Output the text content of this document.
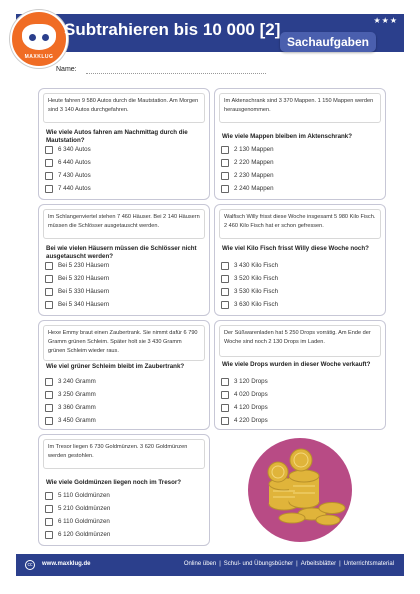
MAXKLUG
Subtrahieren bis 10 000 [2]	★★★
Sachaufgaben
Name:
Heute fahren 9 580 Autos durch die Mautstation. Am Morgen sind 3 140 Autos durchgefahren.
Wie viele Autos fahren am Nachmittag durch die Mautstation?
6 340 Autos
6 440 Autos
7 430 Autos
7 440 Autos
Im Aktenschrank sind 3 370 Mappen. 1 150 Mappen werden herausgenommen.
Wie viele Mappen bleiben im Aktenschrank?
2 130 Mappen
2 220 Mappen
2 230 Mappen
2 240 Mappen
Im Schlangenviertel stehen 7 460 Häuser. Bei 2 140 Häusern müssen die Schlösser ausgetauscht werden.
Bei wie vielen Häusern müssen die Schlösser nicht ausgetauscht werden?
Bei 5 230 Häusern
Bei 5 320 Häusern
Bei 5 330 Häusern
Bei 5 340 Häusern
Walfisch Willy frisst diese Woche insgesamt 5 980 Kilo Fisch. 2 460 Kilo Fisch hat er schon gefressen.
Wie viel Kilo Fisch frisst Willy diese Woche noch?
3 430 Kilo Fisch
3 520 Kilo Fisch
3 530 Kilo Fisch
3 630 Kilo Fisch
Hexe Emmy braut einen Zaubertrank. Sie nimmt dafür 6 790 Gramm grünen Schleim. Später holt sie 3 430 Gramm grünen Schleim wieder raus.
Wie viel grüner Schleim bleibt im Zaubertrank?
3 240 Gramm
3 250 Gramm
3 360 Gramm
3 450 Gramm
Der Süßwarenladen hat 5 250 Drops vorrätig. Am Ende der Woche sind noch 2 130 Drops im Laden.
Wie viele Drops wurden in dieser Woche verkauft?
3 120 Drops
4 020 Drops
4 120 Drops
4 220 Drops
Im Tresor liegen 6 730 Goldmünzen. 3 620 Goldmünzen werden gestohlen.
Wie viele Goldmünzen liegen noch im Tresor?
5 110 Goldmünzen
5 210 Goldmünzen
6 110 Goldmünzen
6 120 Goldmünzen
cc	www.maxklug.de	Online üben | Schul- und Übungsbücher | Arbeitsblätter | Unterrichtsmaterial
